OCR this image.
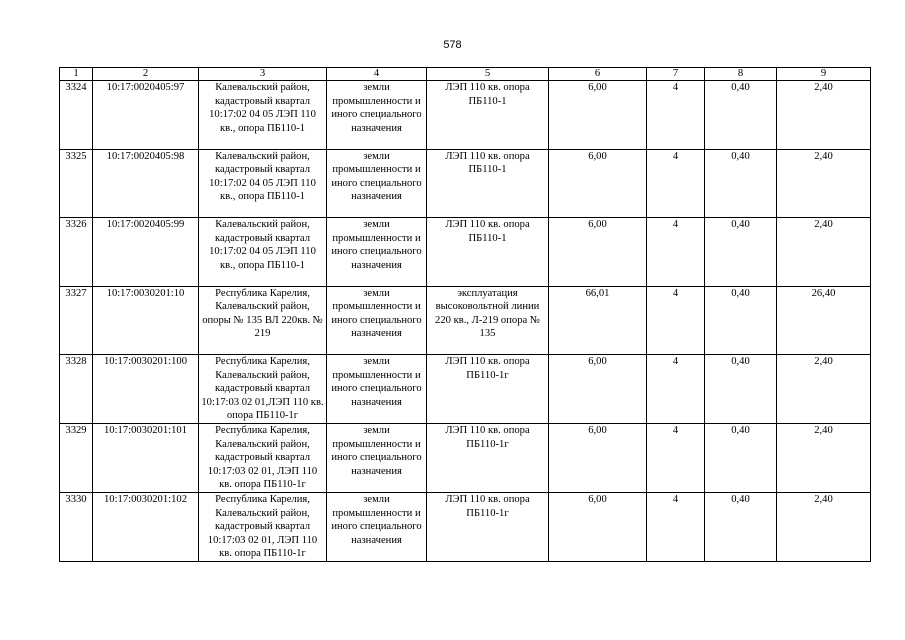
578
1	2	3	4	5	6	7	8	9
3324	10:17:0020405:97	Калевальский район, кадастровый квартал 10:17:02 04 05 ЛЭП 110 кв., опора ПБ110-1	земли промышленности и иного специального назначения	ЛЭП 110 кв. опора ПБ110-1	6,00	4	0,40	2,40
3325	10:17:0020405:98	Калевальский район, кадастровый квартал 10:17:02 04 05 ЛЭП 110 кв., опора ПБ110-1	земли промышленности и иного специального назначения	ЛЭП 110 кв. опора ПБ110-1	6,00	4	0,40	2,40
3326	10:17:0020405:99	Калевальский район, кадастровый квартал 10:17:02 04 05 ЛЭП 110 кв., опора ПБ110-1	земли промышленности и иного специального назначения	ЛЭП 110 кв. опора ПБ110-1	6,00	4	0,40	2,40
3327	10:17:0030201:10	Республика Карелия, Калевальский район, опоры № 135 ВЛ 220кв. № 219	земли промышленности и иного специального назначения	эксплуатация высоковольтной линии 220 кв., Л-219 опора № 135	66,01	4	0,40	26,40
3328	10:17:0030201:100	Республика Карелия, Калевальский район, кадастровый квартал 10:17:03 02 01,ЛЭП 110 кв. опора ПБ110-1г	земли промышленности и иного специального назначения	ЛЭП 110 кв. опора ПБ110-1г	6,00	4	0,40	2,40
3329	10:17:0030201:101	Республика Карелия, Калевальский район, кадастровый квартал 10:17:03 02 01, ЛЭП 110 кв. опора ПБ110-1г	земли промышленности и иного специального назначения	ЛЭП 110 кв. опора ПБ110-1г	6,00	4	0,40	2,40
3330	10:17:0030201:102	Республика Карелия, Калевальский район, кадастровый квартал 10:17:03 02 01, ЛЭП 110 кв. опора ПБ110-1г	земли промышленности и иного специального назначения	ЛЭП 110 кв. опора ПБ110-1г	6,00	4	0,40	2,40
